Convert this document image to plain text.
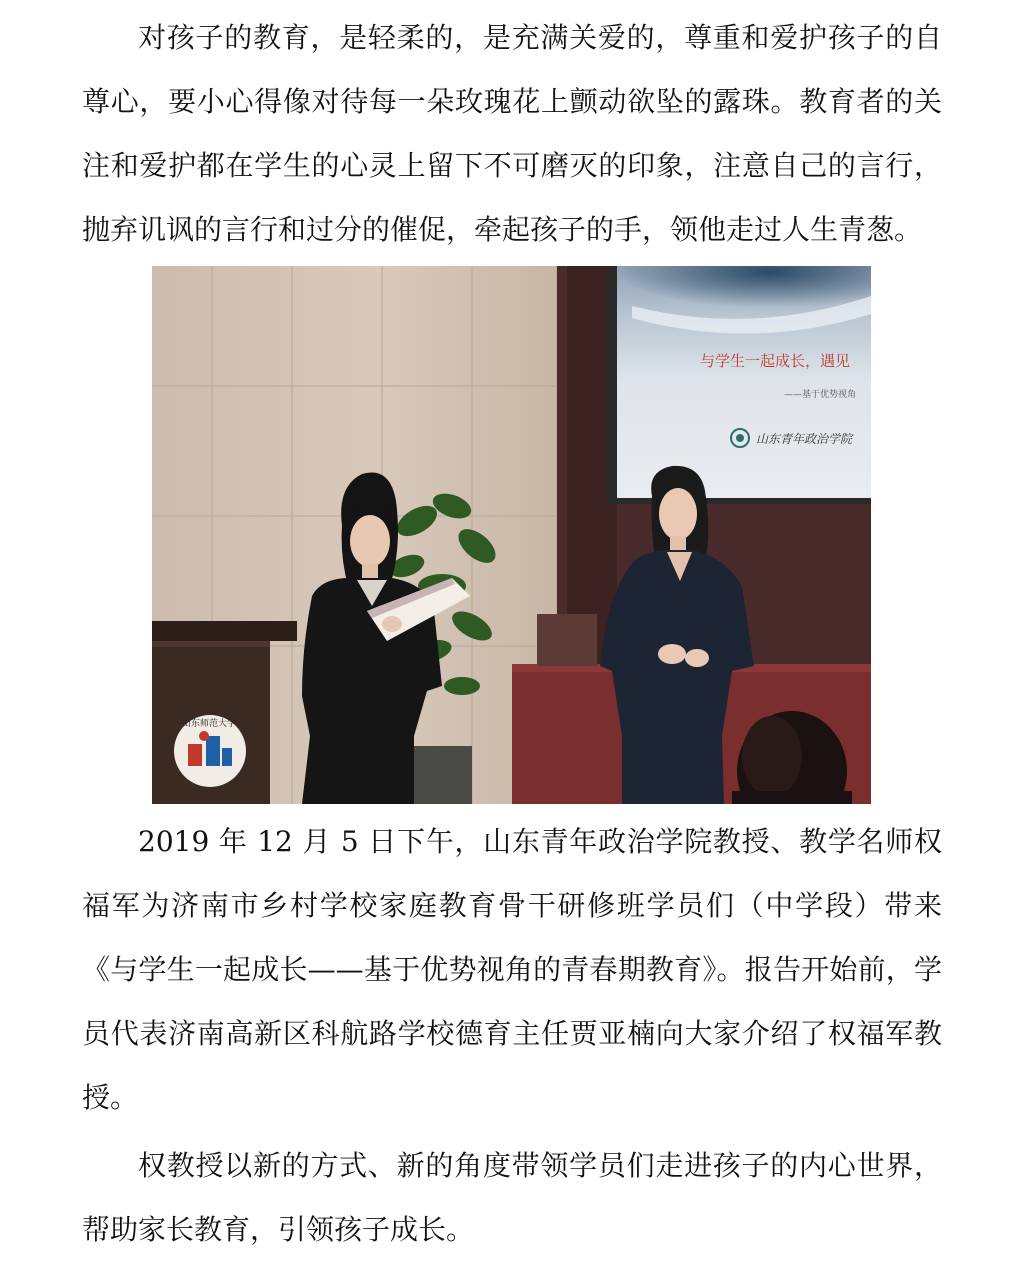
对孩子的教育，是轻柔的，是充满关爱的，尊重和爱护孩子的自尊心，要小心得像对待每一朵玫瑰花上颤动欲坠的露珠。教育者的关注和爱护都在学生的心灵上留下不可磨灭的印象，注意自己的言行，抛弃讥讽的言行和过分的催促，牵起孩子的手，领他走过人生青葱。

与学生一起成长，遇见
——基于优势视角
山东青年政治学院
山东师范大学

2019 年 12 月 5 日下午，山东青年政治学院教授、教学名师权福军为济南市乡村学校家庭教育骨干研修班学员们（中学段）带来《与学生一起成长——基于优势视角的青春期教育》。报告开始前，学员代表济南高新区科航路学校德育主任贾亚楠向大家介绍了权福军教授。

权教授以新的方式、新的角度带领学员们走进孩子的内心世界，帮助家长教育，引领孩子成长。
